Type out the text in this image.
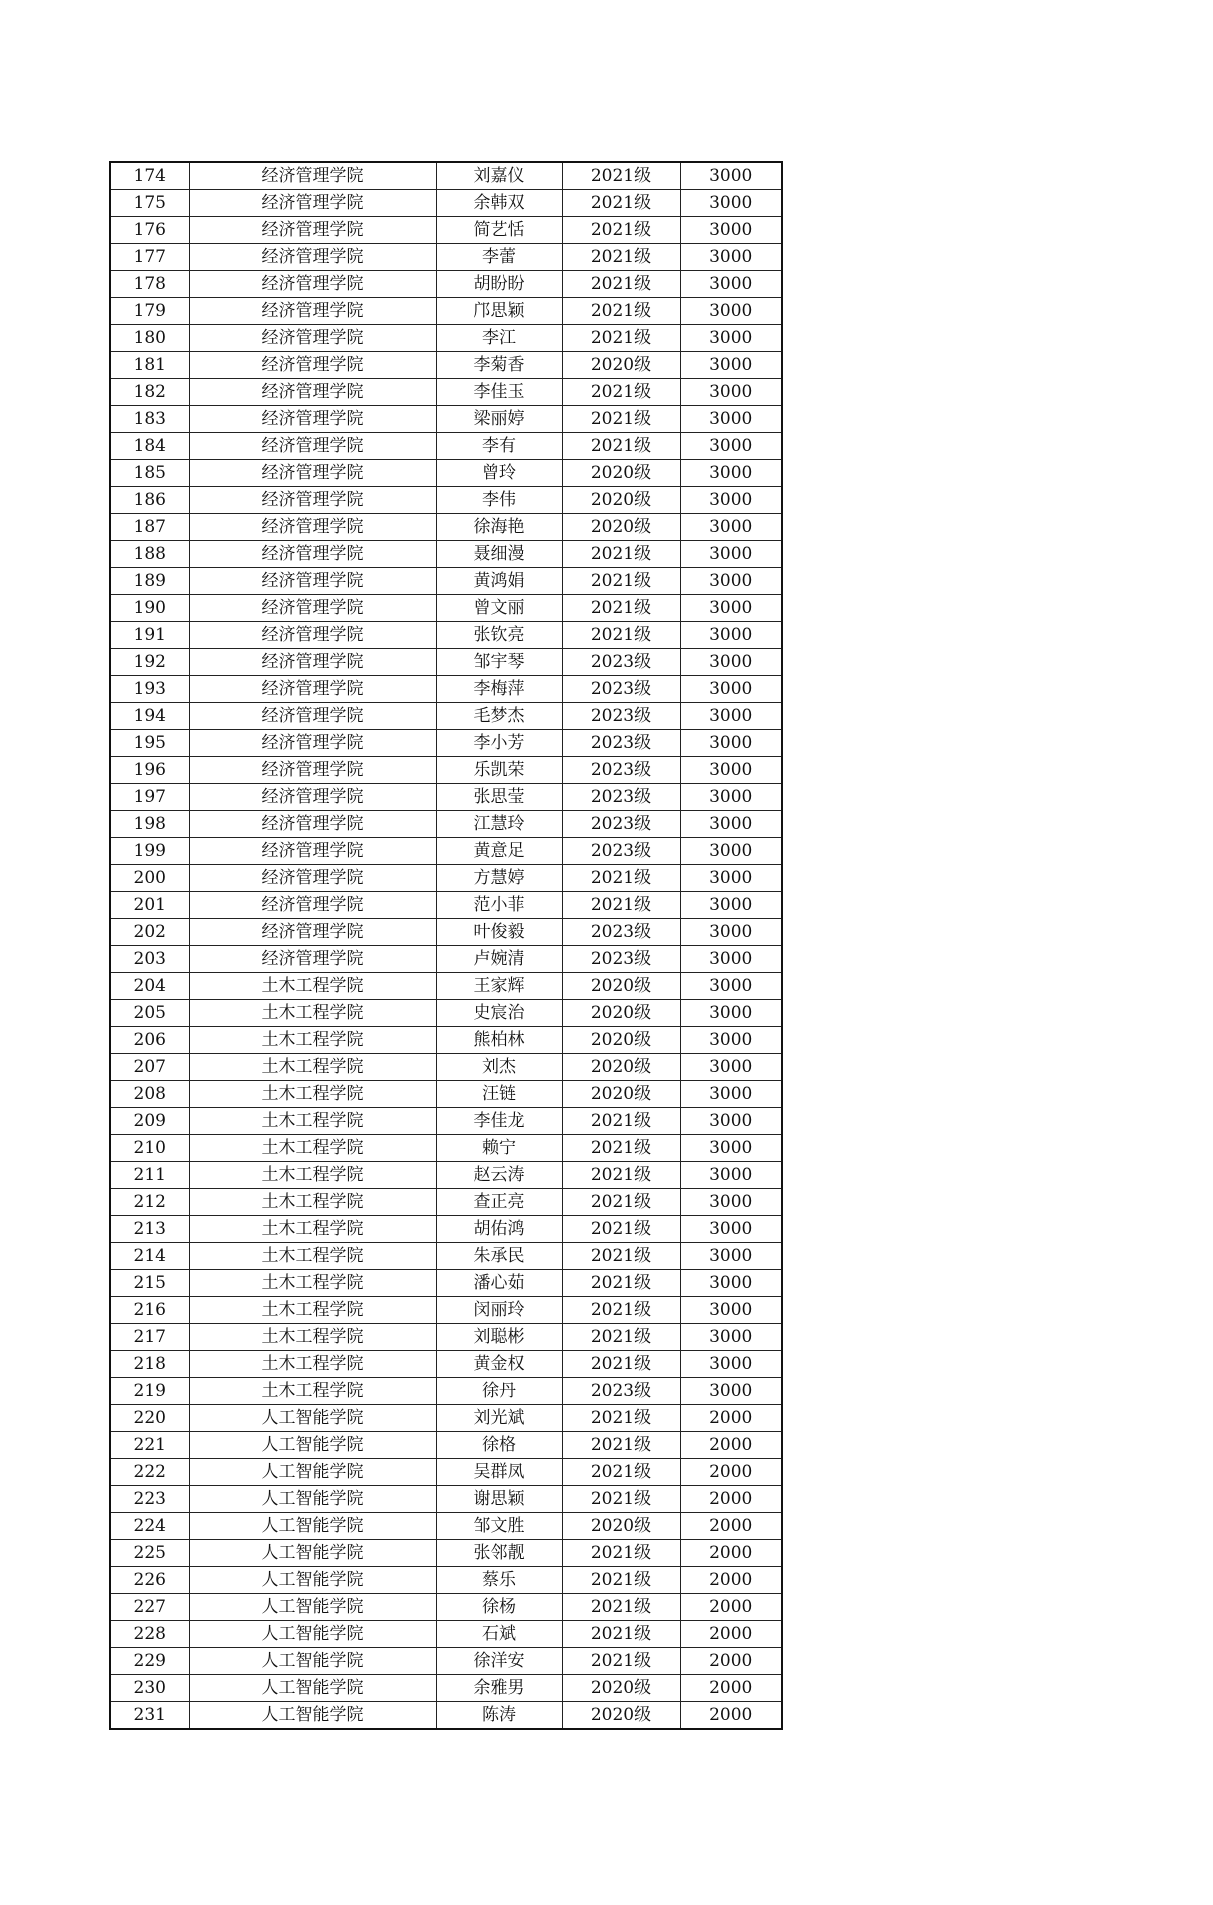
174	经济管理学院	刘嘉仪	2021级	3000
175	经济管理学院	余韩双	2021级	3000
176	经济管理学院	简艺恬	2021级	3000
177	经济管理学院	李蕾	2021级	3000
178	经济管理学院	胡盼盼	2021级	3000
179	经济管理学院	邝思颖	2021级	3000
180	经济管理学院	李江	2021级	3000
181	经济管理学院	李菊香	2020级	3000
182	经济管理学院	李佳玉	2021级	3000
183	经济管理学院	梁丽婷	2021级	3000
184	经济管理学院	李有	2021级	3000
185	经济管理学院	曾玲	2020级	3000
186	经济管理学院	李伟	2020级	3000
187	经济管理学院	徐海艳	2020级	3000
188	经济管理学院	聂细漫	2021级	3000
189	经济管理学院	黄鸿娟	2021级	3000
190	经济管理学院	曾文丽	2021级	3000
191	经济管理学院	张钦亮	2021级	3000
192	经济管理学院	邹宇琴	2023级	3000
193	经济管理学院	李梅萍	2023级	3000
194	经济管理学院	毛梦杰	2023级	3000
195	经济管理学院	李小芳	2023级	3000
196	经济管理学院	乐凯荣	2023级	3000
197	经济管理学院	张思莹	2023级	3000
198	经济管理学院	江慧玲	2023级	3000
199	经济管理学院	黄意足	2023级	3000
200	经济管理学院	方慧婷	2021级	3000
201	经济管理学院	范小菲	2021级	3000
202	经济管理学院	叶俊毅	2023级	3000
203	经济管理学院	卢婉清	2023级	3000
204	土木工程学院	王家辉	2020级	3000
205	土木工程学院	史宸治	2020级	3000
206	土木工程学院	熊柏林	2020级	3000
207	土木工程学院	刘杰	2020级	3000
208	土木工程学院	汪链	2020级	3000
209	土木工程学院	李佳龙	2021级	3000
210	土木工程学院	赖宁	2021级	3000
211	土木工程学院	赵云涛	2021级	3000
212	土木工程学院	查正亮	2021级	3000
213	土木工程学院	胡佑鸿	2021级	3000
214	土木工程学院	朱承民	2021级	3000
215	土木工程学院	潘心茹	2021级	3000
216	土木工程学院	闵丽玲	2021级	3000
217	土木工程学院	刘聪彬	2021级	3000
218	土木工程学院	黄金权	2021级	3000
219	土木工程学院	徐丹	2023级	3000
220	人工智能学院	刘光斌	2021级	2000
221	人工智能学院	徐格	2021级	2000
222	人工智能学院	吴群凤	2021级	2000
223	人工智能学院	谢思颖	2021级	2000
224	人工智能学院	邹文胜	2020级	2000
225	人工智能学院	张邻靓	2021级	2000
226	人工智能学院	蔡乐	2021级	2000
227	人工智能学院	徐杨	2021级	2000
228	人工智能学院	石斌	2021级	2000
229	人工智能学院	徐洋安	2021级	2000
230	人工智能学院	余雅男	2020级	2000
231	人工智能学院	陈涛	2020级	2000
